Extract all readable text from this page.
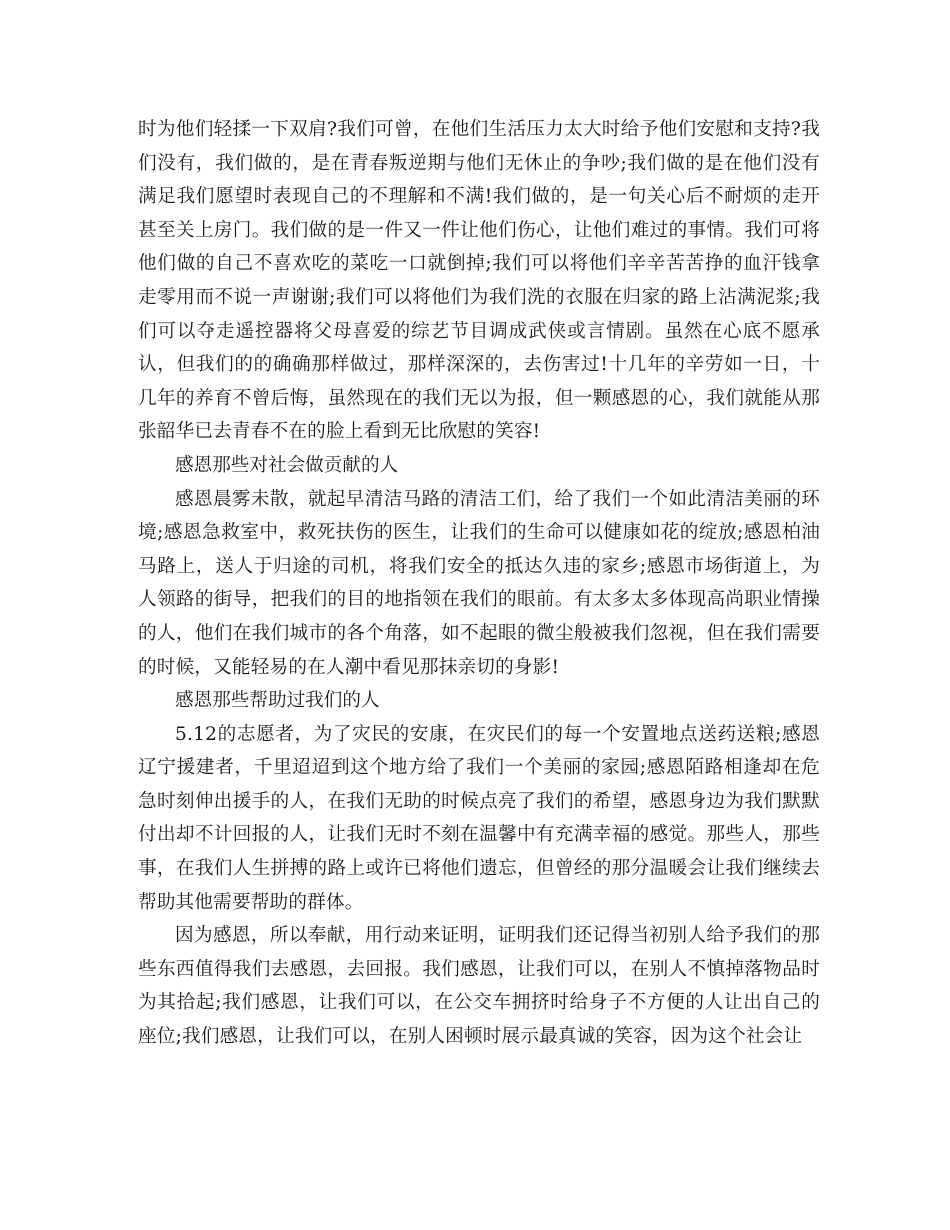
时为他们轻揉一下双肩?我们可曾，在他们生活压力太大时给予他们安慰和支持?我们没有，我们做的，是在青春叛逆期与他们无休止的争吵;我们做的是在他们没有满足我们愿望时表现自己的不理解和不满!我们做的，是一句关心后不耐烦的走开甚至关上房门。我们做的是一件又一件让他们伤心，让他们难过的事情。我们可将他们做的自己不喜欢吃的菜吃一口就倒掉;我们可以将他们辛辛苦苦挣的血汗钱拿走零用而不说一声谢谢;我们可以将他们为我们洗的衣服在归家的路上沾满泥浆;我们可以夺走遥控器将父母喜爱的综艺节目调成武侠或言情剧。虽然在心底不愿承认，但我们的的确确那样做过，那样深深的，去伤害过!十几年的辛劳如一日，十几年的养育不曾后悔，虽然现在的我们无以为报，但一颗感恩的心，我们就能从那张韶华已去青春不在的脸上看到无比欣慰的笑容!

感恩那些对社会做贡献的人

感恩晨雾未散，就起早清洁马路的清洁工们，给了我们一个如此清洁美丽的环境;感恩急救室中，救死扶伤的医生，让我们的生命可以健康如花的绽放;感恩柏油马路上，送人于归途的司机，将我们安全的抵达久违的家乡;感恩市场街道上，为人领路的街导，把我们的目的地指领在我们的眼前。有太多太多体现高尚职业情操的人，他们在我们城市的各个角落，如不起眼的微尘般被我们忽视，但在我们需要的时候，又能轻易的在人潮中看见那抹亲切的身影!

感恩那些帮助过我们的人

5.12的志愿者，为了灾民的安康，在灾民们的每一个安置地点送药送粮;感恩辽宁援建者，千里迢迢到这个地方给了我们一个美丽的家园;感恩陌路相逢却在危急时刻伸出援手的人，在我们无助的时候点亮了我们的希望，感恩身边为我们默默付出却不计回报的人，让我们无时不刻在温馨中有充满幸福的感觉。那些人，那些事，在我们人生拼搏的路上或许已将他们遗忘，但曾经的那分温暖会让我们继续去帮助其他需要帮助的群体。

因为感恩，所以奉献，用行动来证明，证明我们还记得当初别人给予我们的那些东西值得我们去感恩，去回报。我们感恩，让我们可以，在别人不慎掉落物品时为其拾起;我们感恩，让我们可以，在公交车拥挤时给身子不方便的人让出自己的座位;我们感恩，让我们可以，在别人困顿时展示最真诚的笑容，因为这个社会让
